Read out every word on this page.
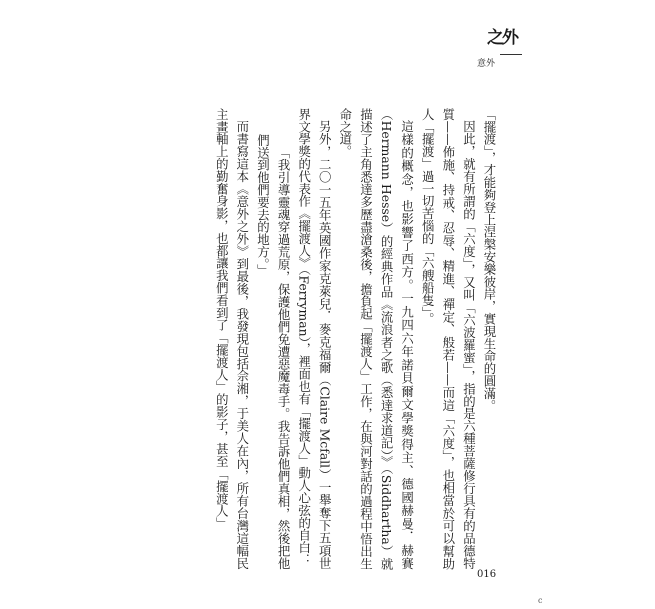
之外
意外

「擺渡」，才能夠登上涅槃安樂彼岸，實現生命的圓滿。

因此，就有所謂的「六度」，又叫「六波羅蜜」，指的是六種菩薩修行具有的品德特質——佈施、持戒、忍辱、精進、禪定、般若——而這「六度」，也相當於可以幫助人「擺渡」過一切苦惱的「六艘船隻」。

這樣的概念，也影響了西方。一九四六年諾貝爾文學獎得主、德國赫曼．赫賽（Hermann Hesse）的經典作品《流浪者之歌（悉達求道記）》（Siddhartha）就描述了主角悉達多歷盡滄桑後，擔負起「擺渡人」工作，在與河對話的過程中悟出生命之道。

另外，二〇一五年英國作家克萊兒．麥克福爾（Claire Mcfall）一舉奪下五項世界文學獎的代表作《擺渡人》（Ferryman），裡面也有「擺渡人」動人心弦的自白：

「我引導靈魂穿過荒原，保護他們免遭惡魔毒手。我告訴他們真相，然後把他們送到他們要去的地方。」

而書寫這本《意外之外》到最後，我發現包括佘湘，于美人在內，所有台灣這幅民主畫軸上的勤奮身影，也都讓我們看到了「擺渡人」的影子，甚至「擺渡人」

016
c
